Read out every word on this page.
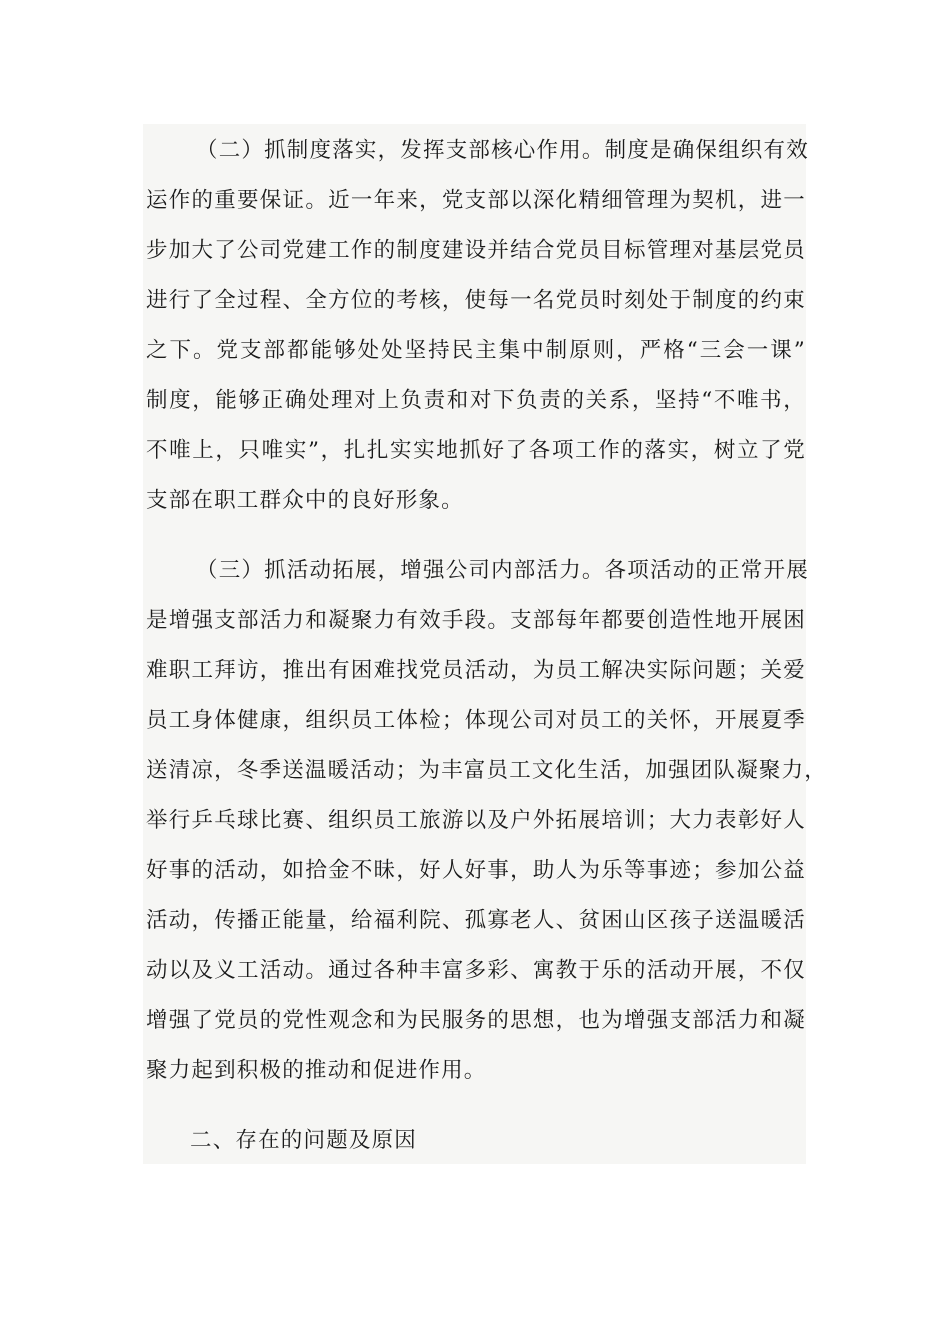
（二）抓制度落实，发挥支部核心作用。制度是确保组织有效
运作的重要保证。近一年来，党支部以深化精细管理为契机，进一
步加大了公司党建工作的制度建设并结合党员目标管理对基层党员
进行了全过程、全方位的考核，使每一名党员时刻处于制度的约束
之下。党支部都能够处处坚持民主集中制原则，严格“三会一课”
制度，能够正确处理对上负责和对下负责的关系，坚持“不唯书，
不唯上，只唯实”，扎扎实实地抓好了各项工作的落实，树立了党
支部在职工群众中的良好形象。
（三）抓活动拓展，增强公司内部活力。各项活动的正常开展
是增强支部活力和凝聚力有效手段。支部每年都要创造性地开展困
难职工拜访，推出有困难找党员活动，为员工解决实际问题；关爱
员工身体健康，组织员工体检；体现公司对员工的关怀，开展夏季
送清凉，冬季送温暖活动；为丰富员工文化生活，加强团队凝聚力，
举行乒乓球比赛、组织员工旅游以及户外拓展培训；大力表彰好人
好事的活动，如拾金不昧，好人好事，助人为乐等事迹；参加公益
活动，传播正能量，给福利院、孤寡老人、贫困山区孩子送温暖活
动以及义工活动。通过各种丰富多彩、寓教于乐的活动开展，不仅
增强了党员的党性观念和为民服务的思想，也为增强支部活力和凝
聚力起到积极的推动和促进作用。
二、存在的问题及原因
